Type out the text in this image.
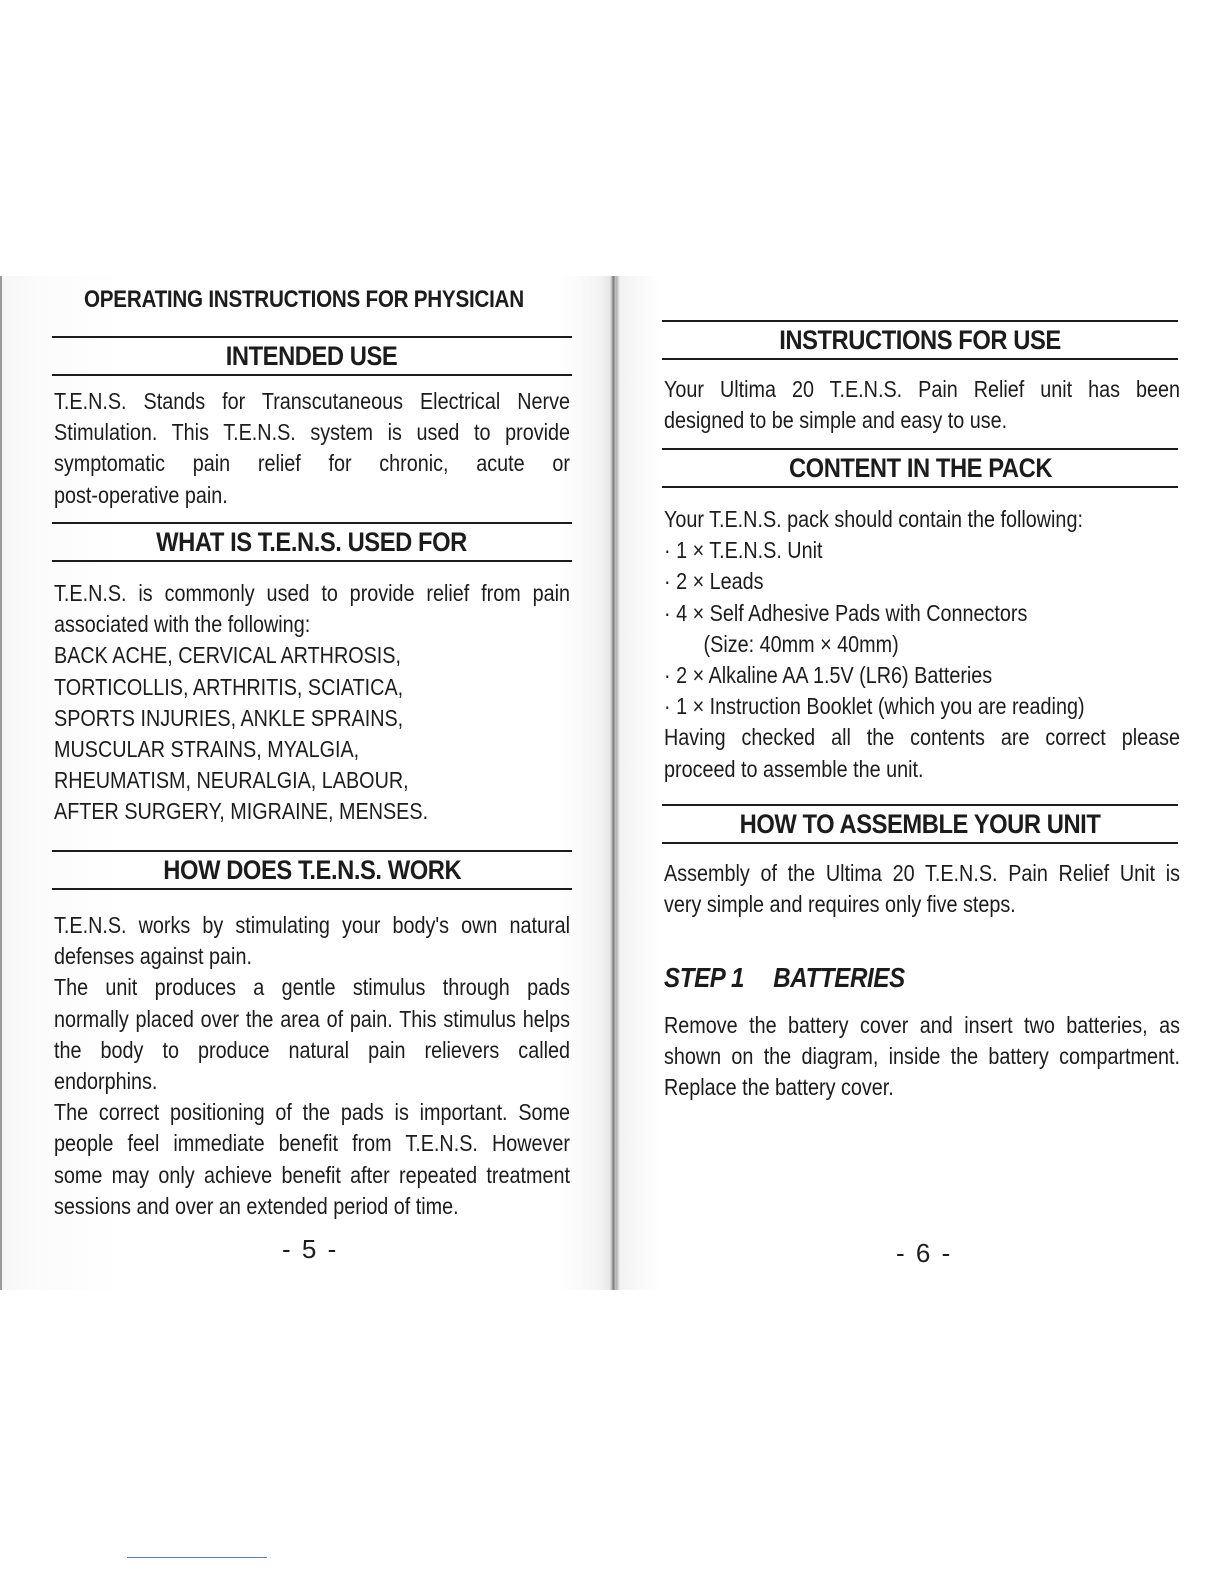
OPERATING INSTRUCTIONS FOR PHYSICIAN
INTENDED USE
T.E.N.S. Stands for Transcutaneous Electrical Nerve
Stimulation. This T.E.N.S. system is used to provide
symptomatic pain relief for chronic, acute or
post-operative pain.
WHAT IS T.E.N.S. USED FOR
T.E.N.S. is commonly used to provide relief from pain
associated with the following:
BACK ACHE, CERVICAL ARTHROSIS,
TORTICOLLIS, ARTHRITIS, SCIATICA,
SPORTS INJURIES, ANKLE SPRAINS,
MUSCULAR STRAINS, MYALGIA,
RHEUMATISM, NEURALGIA, LABOUR,
AFTER SURGERY, MIGRAINE, MENSES.
HOW DOES T.E.N.S. WORK
T.E.N.S. works by stimulating your body's own natural
defenses against pain.
The unit produces a gentle stimulus through pads
normally placed over the area of pain. This stimulus helps
the body to produce natural pain relievers called
endorphins.
The correct positioning of the pads is important. Some
people feel immediate benefit from T.E.N.S. However
some may only achieve benefit after repeated treatment
sessions and over an extended period of time.
- 5 -
INSTRUCTIONS FOR USE
Your Ultima 20 T.E.N.S. Pain Relief unit has been
designed to be simple and easy to use.
CONTENT IN THE PACK
Your T.E.N.S. pack should contain the following:
· 1 × T.E.N.S. Unit
· 2 × Leads
· 4 × Self Adhesive Pads with Connectors
(Size: 40mm × 40mm)
· 2 × Alkaline AA 1.5V (LR6) Batteries
· 1 × Instruction Booklet (which you are reading)
Having checked all the contents are correct please
proceed to assemble the unit.
HOW TO ASSEMBLE YOUR UNIT
Assembly of the Ultima 20 T.E.N.S. Pain Relief Unit is
very simple and requires only five steps.
STEP 1 BATTERIES
Remove the battery cover and insert two batteries, as
shown on the diagram, inside the battery compartment.
Replace the battery cover.
- 6 -
